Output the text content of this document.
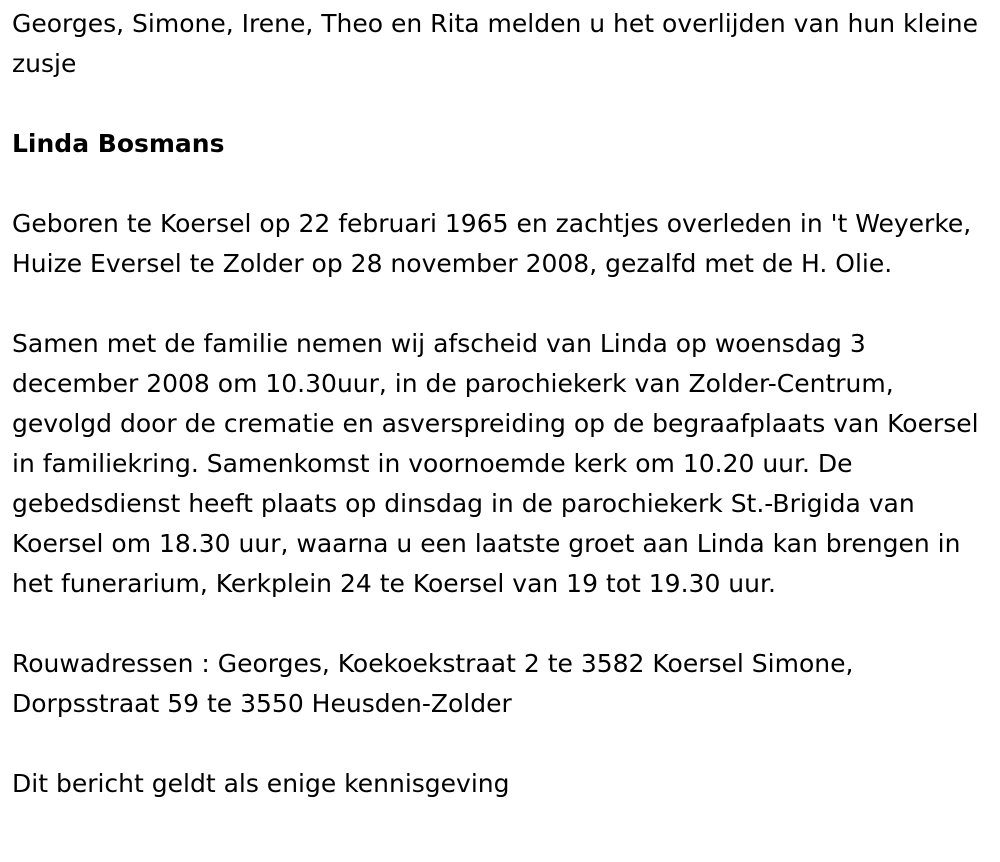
Georges, Simone, Irene, Theo en Rita melden u het overlijden van hun kleine zusje

Linda Bosmans

Geboren te Koersel op 22 februari 1965 en zachtjes overleden in 't Weyerke, Huize Eversel te Zolder op 28 november 2008, gezalfd met de H. Olie.

Samen met de familie nemen wij afscheid van Linda op woensdag 3 december 2008 om 10.30uur, in de parochiekerk van Zolder-Centrum, gevolgd door de crematie en asverspreiding op de begraafplaats van Koersel in familiekring. Samenkomst in voornoemde kerk om 10.20 uur. De gebedsdienst heeft plaats op dinsdag in de parochiekerk St.-Brigida van Koersel om 18.30 uur, waarna u een laatste groet aan Linda kan brengen in het funerarium, Kerkplein 24 te Koersel van 19 tot 19.30 uur.

Rouwadressen : Georges, Koekoekstraat 2 te 3582 Koersel Simone, Dorpsstraat 59 te 3550 Heusden-Zolder

Dit bericht geldt als enige kennisgeving
